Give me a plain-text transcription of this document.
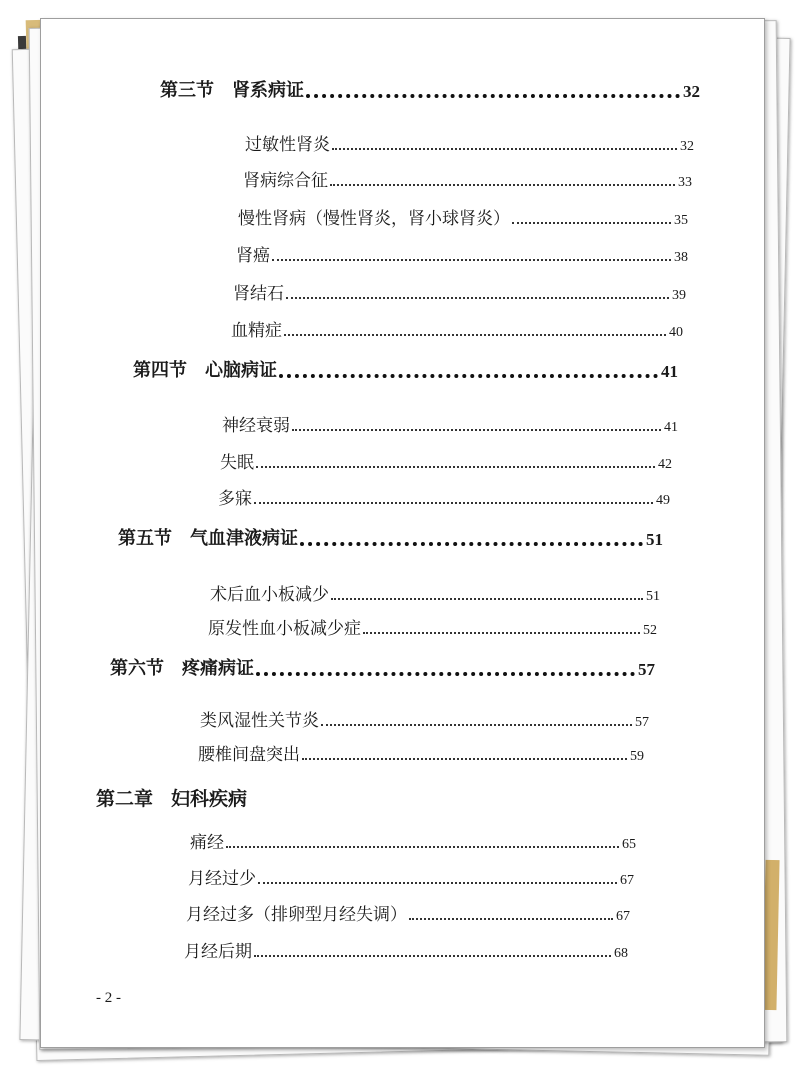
第三节 肾系病证	32
过敏性肾炎	32
肾病综合征	33
慢性肾病（慢性肾炎，肾小球肾炎）	35
肾癌	38
肾结石	39
血精症	40
第四节 心脑病证	41
神经衰弱	41
失眠	42
多寐	49
第五节 气血津液病证	51
术后血小板减少	51
原发性血小板减少症	52
第六节 疼痛病证	57
类风湿性关节炎	57
腰椎间盘突出	59
第二章 妇科疾病
痛经	65
月经过少	67
月经过多（排卵型月经失调）	67
月经后期	68
- 2 -
